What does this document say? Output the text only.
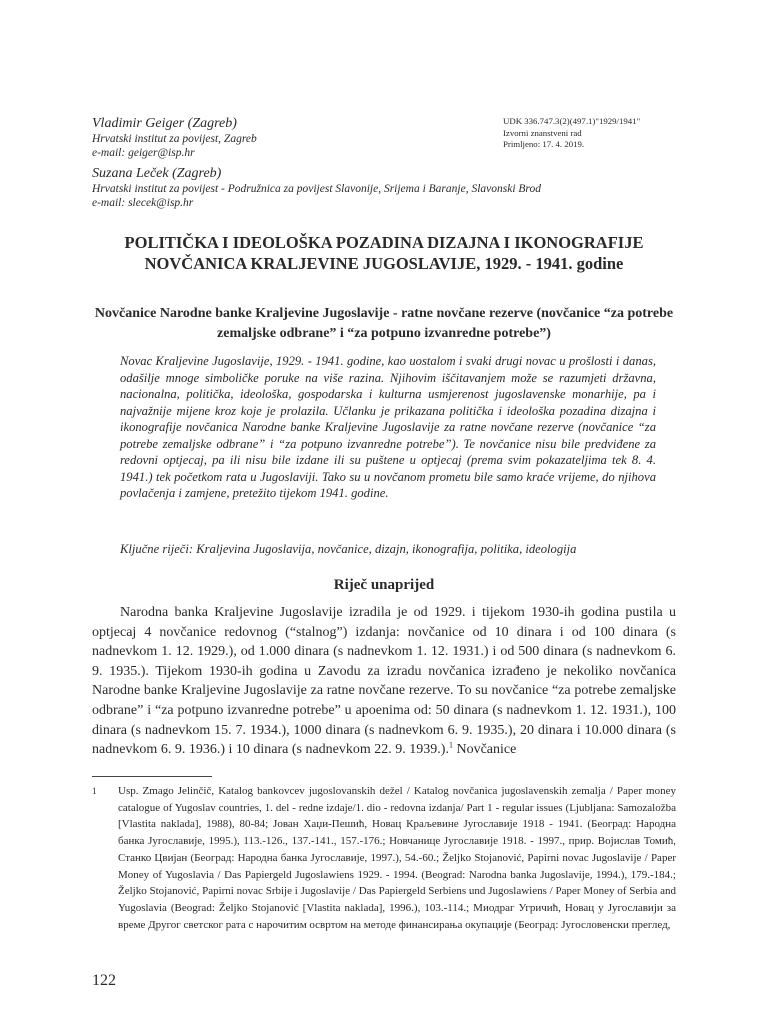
Vladimir Geiger (Zagreb)

Hrvatski institut za povijest, Zagreb

e-mail: geiger@isp.hr

Suzana Leček (Zagreb)

Hrvatski institut za povijest - Podružnica za povijest Slavonije, Srijema i Baranje, Slavonski Brod

e-mail: slecek@isp.hr

UDK 336.747.3(2)(497.1)"1929/1941"
Izvorni znanstveni rad
Primljeno: 17. 4. 2019.
POLITIČKA I IDEOLOŠKA POZADINA DIZAJNA I IKONOGRAFIJE NOVČANICA KRALJEVINE JUGOSLAVIJE, 1929. - 1941. godine
Novčanice Narodne banke Kraljevine Jugoslavije - ratne novčane rezerve (novčanice “za potrebe zemaljske odbrane” i “za potpuno izvanredne potrebe”)

Novac Kraljevine Jugoslavije, 1929. - 1941. godine, kao uostalom i svaki drugi novac u prošlosti i danas, odašilje mnoge simboličke poruke na više razina. Njihovim iščitavanjem može se razumjeti državna, nacionalna, politička, ideološka, gospodarska i kulturna usmjerenost jugoslavenske monarhije, pa i najvažnije mijene kroz koje je prolazila. Učlanku je prikazana politička i ideološka pozadina dizajna i ikonografije novčanica Narodne banke Kraljevine Jugoslavije za ratne novčane rezerve (novčanice “za potrebe zemaljske odbrane” i “za potpuno izvanredne potrebe”). Te novčanice nisu bile predviđene za redovni optjecaj, pa ili nisu bile izdane ili su puštene u optjecaj (prema svim pokazateljima tek 8. 4. 1941.) tek početkom rata u Jugoslaviji. Tako su u novčanom prometu bile samo kraće vrijeme, do njihova povlačenja i zamjene, pretežito tijekom 1941. godine.

Ključne riječi: Kraljevina Jugoslavija, novčanice, dizajn, ikonografija, politika, ideologija

Riječ unaprijed

Narodna banka Kraljevine Jugoslavije izradila je od 1929. i tijekom 1930-ih godina pustila u optjecaj 4 novčanice redovnog (“stalnog”) izdanja: novčanice od 10 dinara i od 100 dinara (s nadnevkom 1. 12. 1929.), od 1.000 dinara (s nadnevkom 1. 12. 1931.) i od 500 dinara (s nadnevkom 6. 9. 1935.). Tijekom 1930-ih godina u Zavodu za izradu novčanica izrađeno je nekoliko novčanica Narodne banke Kraljevine Jugoslavije za ratne novčane rezerve. To su novčanice “za potrebe zemaljske odbrane” i “za potpuno izvanredne potrebe” u apoenima od: 50 dinara (s nadnevkom 1. 12. 1931.), 100 dinara (s nadnevkom 15. 7. 1934.), 1000 dinara (s nadnevkom 6. 9. 1935.), 20 dinara i 10.000 dinara (s nadnevkom 6. 9. 1936.) i 10 dinara (s nadnevkom 22. 9. 1939.).$^1$ Novčanice

1	Usp. Zmago Jelinčič, Katalog bankovcev jugoslovanskih dežel / Katalog novčanica jugoslavenskih zemalja / Paper money catalogue of Yugoslav countries, 1. del - redne izdaje/1. dio - redovna izdanja/ Part 1 - regular issues (Ljubljana: Samozaložba [Vlastita naklada], 1988), 80-84; Јован Хаџи-Пешић, Новац Краљевине Југославије 1918 - 1941. (Београд: Народна банка Југославије, 1995.), 113.-126., 137.-141., 157.-176.; Новчанице Југославије 1918. - 1997., прир. Војислав Томић, Станко Цвијан (Београд: Народна банка Југославије, 1997.), 54.-60.; Željko Stojanović, Papirni novac Jugoslavije / Paper Money of Yugoslavia / Das Papiergeld Jugoslawiens 1929. - 1994. (Beograd: Narodna banka Jugoslavije, 1994.), 179.-184.; Željko Stojanović, Papirni novac Srbije i Jugoslavije / Das Papiergeld Serbiens und Jugoslawiens / Paper Money of Serbia and Yugoslavia (Beograd: Željko Stojanović [Vlastita naklada], 1996.), 103.-114.; Миодраг Угричић, Новац у Југославији за време Другог светског рата с нарочитим освртом на методе финансирања окупације (Београд: Југословенски преглед,

122
